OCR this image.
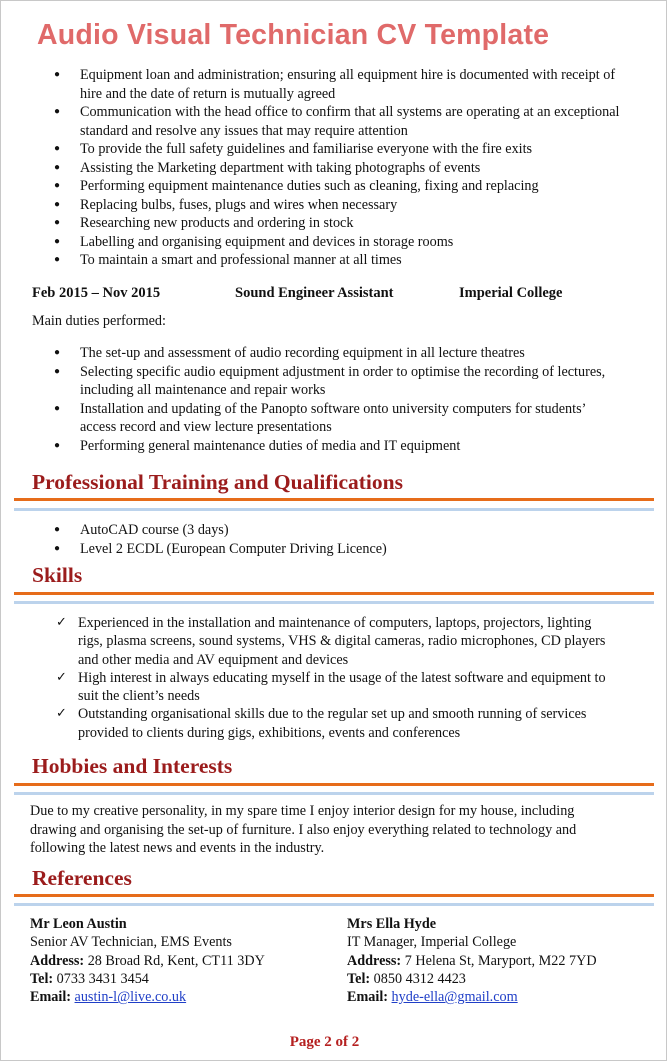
Audio Visual Technician CV Template
● Equipment loan and administration; ensuring all equipment hire is documented with receipt of hire and the date of return is mutually agreed
● Communication with the head office to confirm that all systems are operating at an exceptional standard and resolve any issues that may require attention
● To provide the full safety guidelines and familiarise everyone with the fire exits
● Assisting the Marketing department with taking photographs of events
● Performing equipment maintenance duties such as cleaning, fixing and replacing
● Replacing bulbs, fuses, plugs and wires when necessary
● Researching new products and ordering in stock
● Labelling and organising equipment and devices in storage rooms
● To maintain a smart and professional manner at all times
Feb 2015 – Nov 2015	Sound Engineer Assistant	Imperial College
Main duties performed:
● The set-up and assessment of audio recording equipment in all lecture theatres
● Selecting specific audio equipment adjustment in order to optimise the recording of lectures, including all maintenance and repair works
● Installation and updating of the Panopto software onto university computers for students’ access record and view lecture presentations
● Performing general maintenance duties of media and IT equipment
Professional Training and Qualifications
● AutoCAD course (3 days)
● Level 2 ECDL (European Computer Driving Licence)
Skills
✓ Experienced in the installation and maintenance of computers, laptops, projectors, lighting rigs, plasma screens, sound systems, VHS & digital cameras, radio microphones, CD players and other media and AV equipment and devices
✓ High interest in always educating myself in the usage of the latest software and equipment to suit the client’s needs
✓ Outstanding organisational skills due to the regular set up and smooth running of services provided to clients during gigs, exhibitions, events and conferences
Hobbies and Interests
Due to my creative personality, in my spare time I enjoy interior design for my house, including drawing and organising the set-up of furniture. I also enjoy everything related to technology and following the latest news and events in the industry.
References
Mr Leon Austin
Senior AV Technician, EMS Events
Address: 28 Broad Rd, Kent, CT11 3DY
Tel: 0733 3431 3454
Email: austin-l@live.co.uk
Mrs Ella Hyde
IT Manager, Imperial College
Address: 7 Helena St, Maryport, M22 7YD
Tel: 0850 4312 4423
Email: hyde-ella@gmail.com
Page 2 of 2
